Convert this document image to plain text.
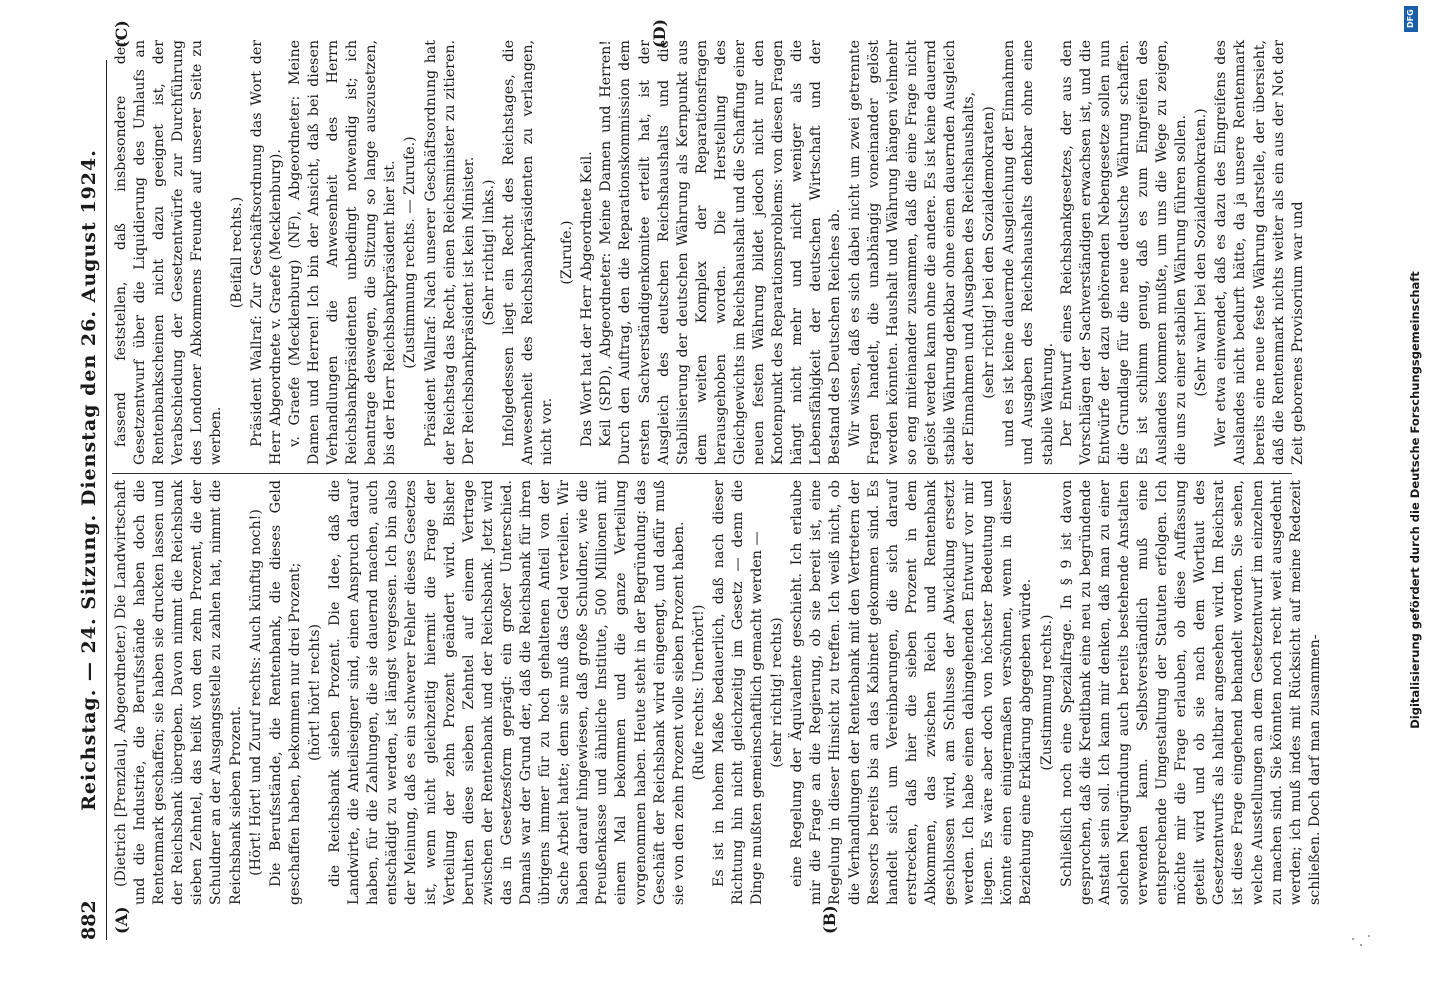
882
Reichstag. — 24. Sitzung. Dienstag den 26. August 1924.
(A)	(B)
(C)	(D)

(Dietrich [Prenzlau], Abgeordneter.) Die Landwirtschaft und die Industrie, die Berufsstände haben doch die Rentenmark geschaffen; sie haben sie drucken lassen und der Reichsbank übergeben. Davon nimmt die Reichsbank sieben Zehntel, das heißt von den zehn Prozent, die der Schuldner an der Ausgangsstelle zu zahlen hat, nimmt die Reichsbank sieben Prozent. (Hört! Hört! und Zuruf rechts: Auch künftig noch!) Die Berufsstände, die Rentenbank, die dieses Geld geschaffen haben, bekommen nur drei Prozent; (hört! hört! rechts) die Reichsbank sieben Prozent. Die Idee, daß die Landwirte, die Anteilseigner sind, einen Anspruch darauf haben, für die Zahlungen, die sie dauernd machen, auch entschädigt zu werden, ist längst vergessen. Ich bin also der Meinung, daß es ein schwerer Fehler dieses Gesetzes ist, wenn nicht gleichzeitig hiermit die Frage der Verteilung der zehn Prozent geändert wird. Bisher beruhten diese sieben Zehntel auf einem Vertrage zwischen der Rentenbank und der Reichsbank. Jetzt wird das in Gesetzesform geprägt: ein großer Unterschied. Damals war der Grund der, daß die Reichsbank für ihren übrigens immer für zu hoch gehaltenen Anteil von der Sache Arbeit hatte; denn sie muß das Geld verteilen. Wir haben darauf hingewiesen, daß große Schuldner, wie die Preußenkasse und ähnliche Institute, 500 Millionen mit einem Mal bekommen und die ganze Verteilung vorgenommen haben. Heute steht in der Begründung: das Geschäft der Reichsbank wird eingeengt, und dafür muß sie von den zehn Prozent volle sieben Prozent haben. (Rufe rechts: Unerhört!) Es ist in hohem Maße bedauerlich, daß nach dieser Richtung hin nicht gleichzeitig im Gesetz — denn die Dinge mußten gemeinschaftlich gemacht werden — (sehr richtig! rechts) eine Regelung der Äquivalente geschieht. Ich erlaube mir die Frage an die Regierung, ob sie bereit ist, eine Regelung in dieser Hinsicht zu treffen. Ich weiß nicht, ob die Verhandlungen der Rentenbank mit den Vertretern der Ressorts bereits bis an das Kabinett gekommen sind. Es handelt sich um Vereinbarungen, die sich darauf erstrecken, daß hier die sieben Prozent in dem Abkommen, das zwischen Reich und Rentenbank geschlossen wird, am Schlusse der Abwicklung ersetzt werden. Ich habe einen dahingehenden Entwurf vor mir liegen. Es wäre aber doch von höchster Bedeutung und könnte einen einigermaßen versöhnen, wenn in dieser Beziehung eine Erklärung abgegeben würde. (Zustimmung rechts.) Schließlich noch eine Spezialfrage. In § 9 ist davon gesprochen, daß die Kreditbank eine neu zu begründende Anstalt sein soll. Ich kann mir denken, daß man zu einer solchen Neugründung auch bereits bestehende Anstalten verwenden kann. Selbstverständlich muß eine entsprechende Umgestaltung der Statuten erfolgen. Ich möchte mir die Frage erlauben, ob diese Auffassung geteilt wird und ob sie nach dem Wortlaut des Gesetzentwurfs als haltbar angesehen wird. Im Reichsrat ist diese Frage eingehend behandelt worden. Sie sehen, welche Ausstellungen an dem Gesetzentwurf im einzelnen zu machen sind. Sie könnten noch recht weit ausgedehnt werden; ich muß indes mit Rücksicht auf meine Redezeit schließen. Doch darf man zusammen-

fassend feststellen, daß insbesondere der Gesetzentwurf über die Liquidierung des Umlaufs an Rentenbankscheinen nicht dazu geeignet ist, der Verabschiedung der Gesetzentwürfe zur Durchführung des Londoner Abkommens Freunde auf unserer Seite zu werben.

(Beifall rechts.) Präsident Wallraf: Zur Geschäftsordnung das Wort der Herr Abgeordnete v. Graefe (Mecklenburg). v. Graefe (Mecklenburg) (NF), Abgeordneter: Meine Damen und Herren! Ich bin der Ansicht, daß bei diesen Verhandlungen die Anwesenheit des Herrn Reichsbankpräsidenten unbedingt notwendig ist; ich beantrage deswegen, die Sitzung so lange auszusetzen, bis der Herr Reichsbankpräsident hier ist. (Zustimmung rechts. — Zurufe.) Präsident Wallraf: Nach unserer Geschäftsordnung hat der Reichstag das Recht, einen Reichsminister zu zitieren. Der Reichsbankpräsident ist kein Minister. (Sehr richtig! links.) Infolgedessen liegt ein Recht des Reichstages, die Anwesenheit des Reichsbankpräsidenten zu verlangen, nicht vor.

(Zurufe.) Das Wort hat der Herr Abgeordnete Keil. Keil (SPD), Abgeordneter: Meine Damen und Herren! Durch den Auftrag, den die Reparationskommission dem ersten Sachverständigenkomitee erteilt hat, ist der Ausgleich des deutschen Reichshaushalts und die Stabilisierung der deutschen Währung als Kernpunkt aus dem weiten Komplex der Reparationsfragen herausgehoben worden. Die Herstellung des Gleichgewichts im Reichshaushalt und die Schaffung einer neuen festen Währung bildet jedoch nicht nur den Knotenpunkt des Reparationsproblems: von diesen Fragen hängt nicht mehr und nicht weniger als die Lebensfähigkeit der deutschen Wirtschaft und der Bestand des Deutschen Reiches ab. Wir wissen, daß es sich dabei nicht um zwei getrennte Fragen handelt, die unabhängig voneinander gelöst werden könnten. Haushalt und Währung hängen vielmehr so eng miteinander zusammen, daß die eine Frage nicht gelöst werden kann ohne die andere. Es ist keine dauernd stabile Währung denkbar ohne einen dauernden Ausgleich der Einnahmen und Ausgaben des Reichshaushalts, (sehr richtig! bei den Sozialdemokraten) und es ist keine dauernde Ausgleichung der Einnahmen und Ausgaben des Reichshaushalts denkbar ohne eine stabile Währung. Der Entwurf eines Reichsbankgesetzes, der aus den Vorschlägen der Sachverständigen erwachsen ist, und die Entwürfe der dazu gehörenden Nebengesetze sollen nun die Grundlage für die neue deutsche Währung schaffen. Es ist schlimm genug, daß es zum Eingreifen des Auslandes kommen mußte, um uns die Wege zu zeigen, die uns zu einer stabilen Währung führen sollen. (Sehr wahr! bei den Sozialdemokraten.) Wer etwa einwendet, daß es dazu des Eingreifens des Auslandes nicht bedurft hätte, da ja unsere Rentenmark bereits eine neue feste Währung darstelle, der übersieht, daß die Rentenmark nichts weiter als ein aus der Not der Zeit geborenes Provisorium war und	Digitalisierung gefördert durch die Deutsche Forschungsgemeinschaft
DFG
